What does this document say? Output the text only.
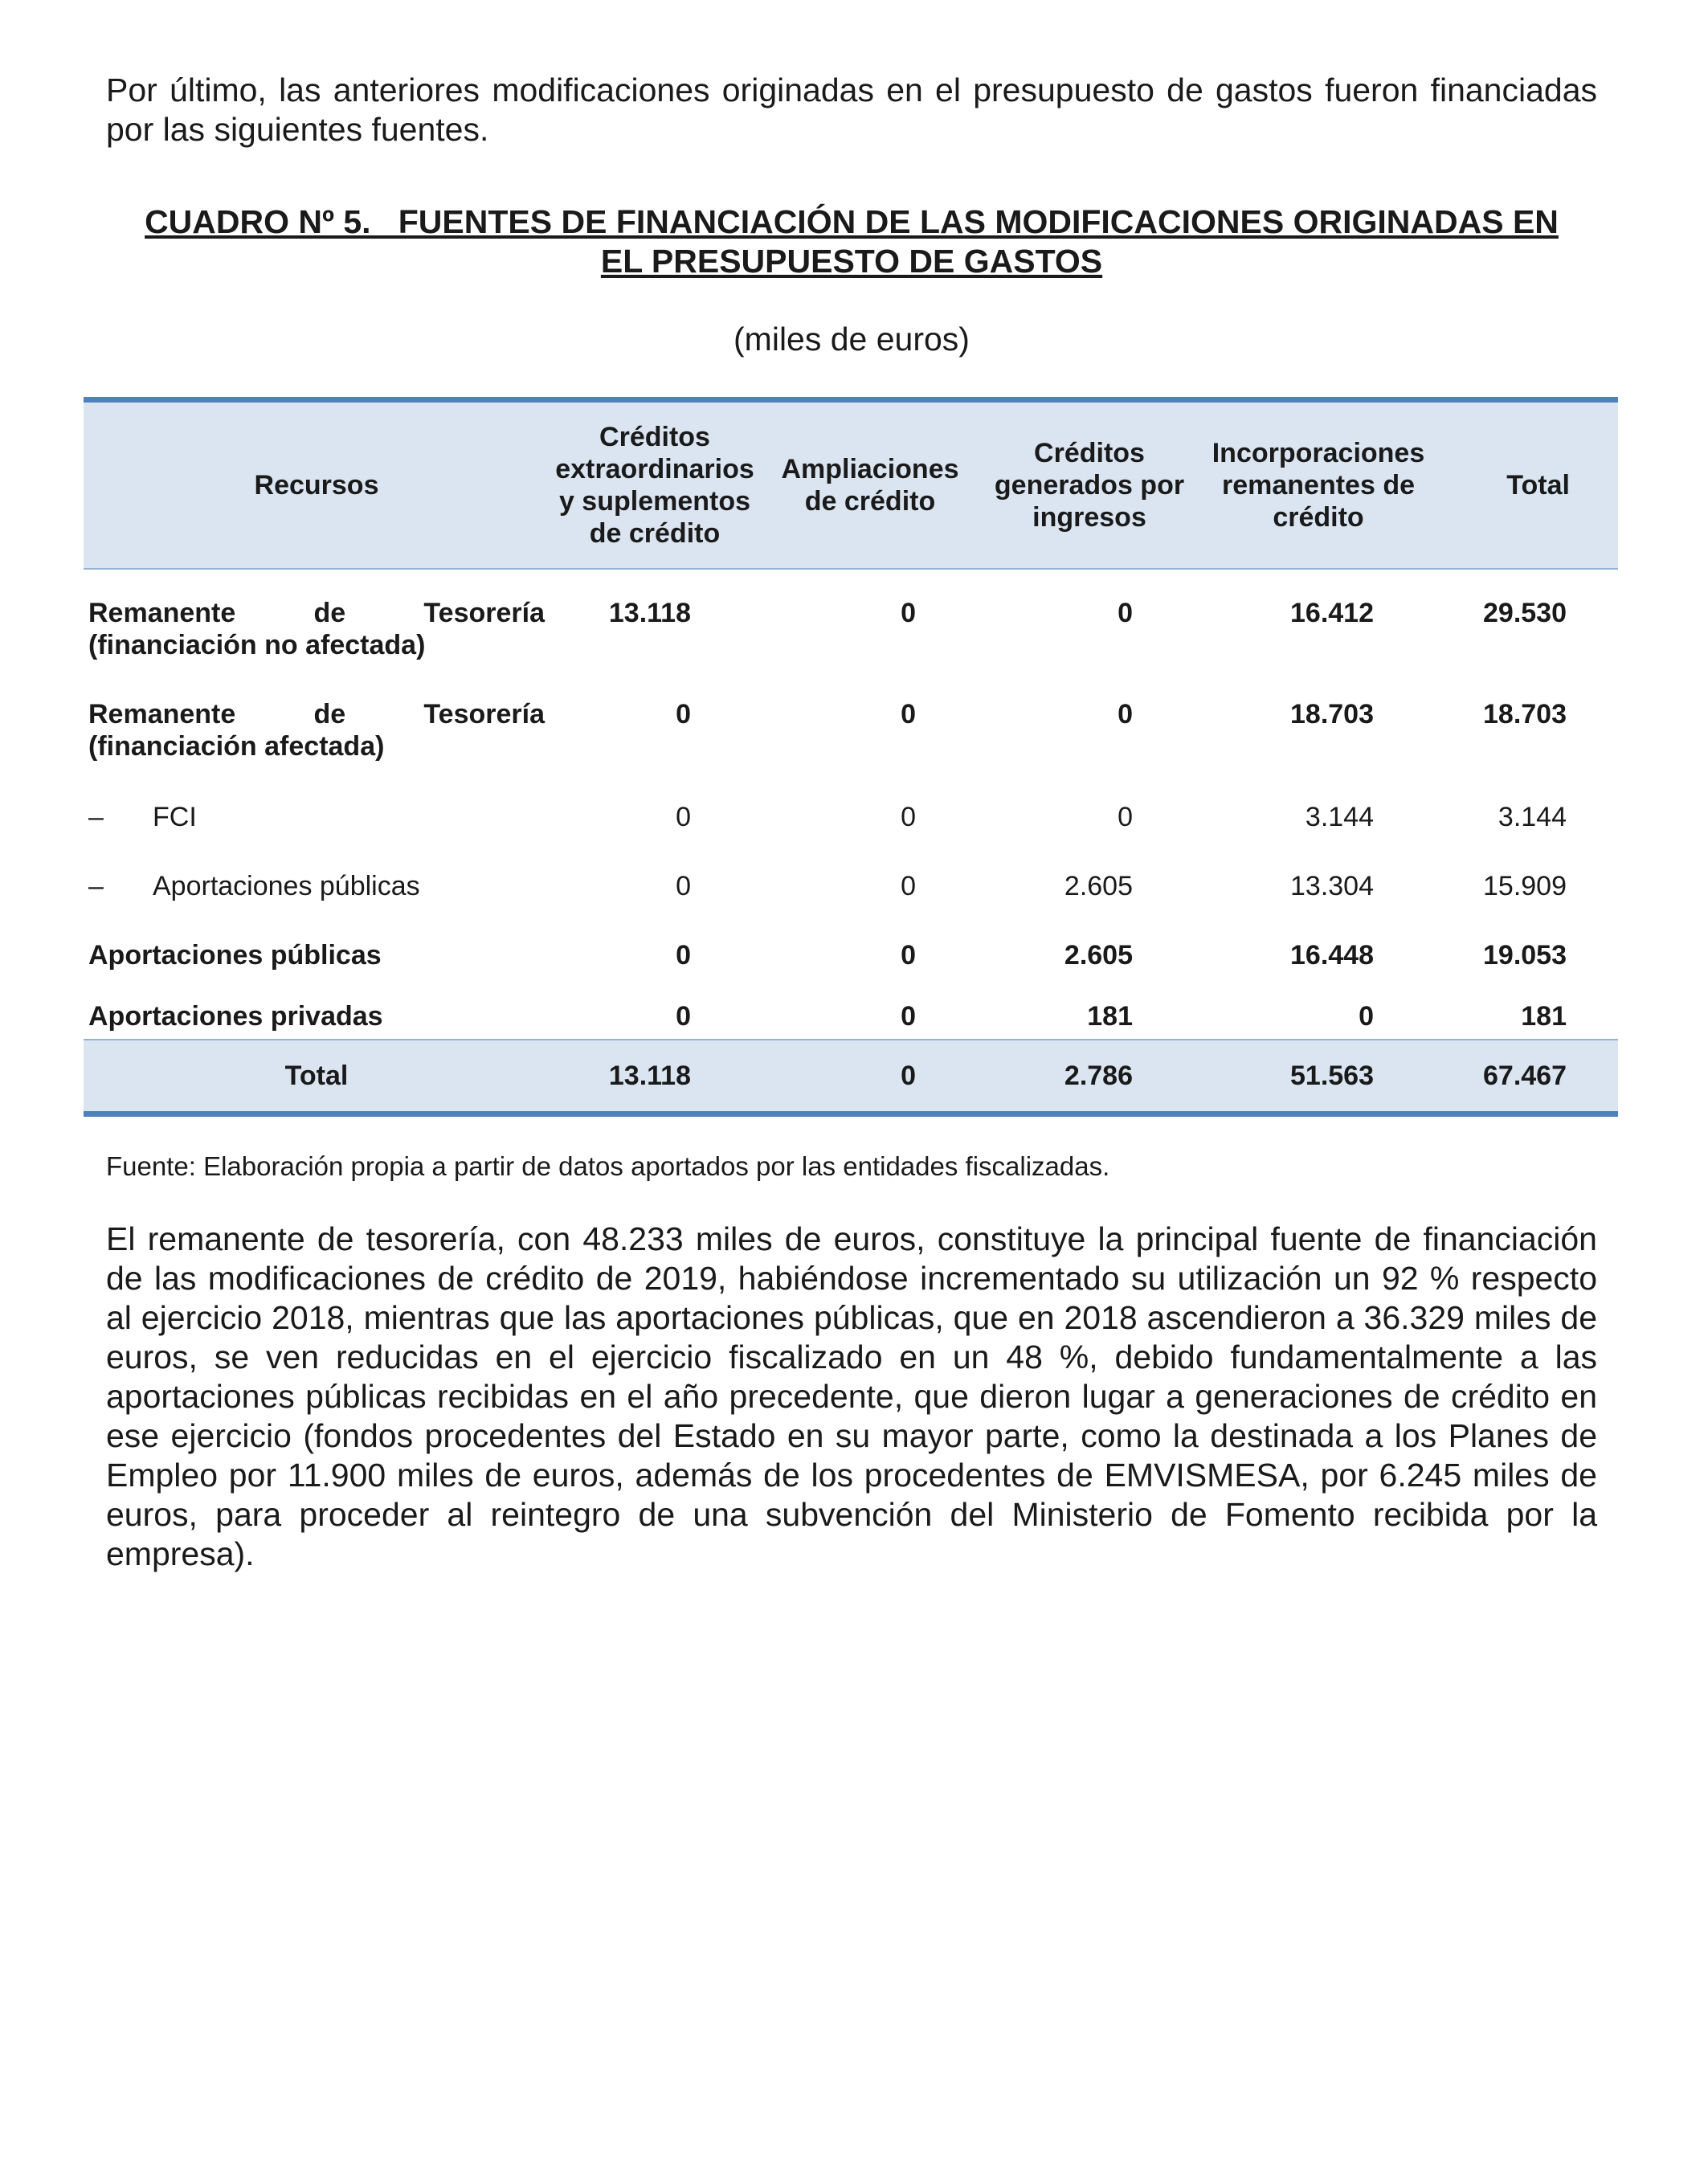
Por último, las anteriores modificaciones originadas en el presupuesto de gastos fueron financiadas por las siguientes fuentes.

CUADRO Nº 5.   FUENTES DE FINANCIACIÓN DE LAS MODIFICACIONES ORIGINADAS EN
EL PRESUPUESTO DE GASTOS

(miles de euros)

Recursos	Créditos extraordinarios y suplementos de crédito	Ampliaciones de crédito	Créditos generados por ingresos	Incorporaciones remanentes de crédito	Total

Remanente de Tesorería
(financiación no afectada)	13.118	0	0	16.412	29.530

Remanente de Tesorería
(financiación afectada)	0	0	0	18.703	18.703
– FCI	0	0	0	3.144	3.144
– Aportaciones públicas	0	0	2.605	13.304	15.909
Aportaciones públicas	0	0	2.605	16.448	19.053
Aportaciones privadas	0	0	181	0	181
Total	13.118	0	2.786	51.563	67.467

Fuente: Elaboración propia a partir de datos aportados por las entidades fiscalizadas.

El remanente de tesorería, con 48.233 miles de euros, constituye la principal fuente de financiación de las modificaciones de crédito de 2019, habiéndose incrementado su utilización un 92 % respecto al ejercicio 2018, mientras que las aportaciones públicas, que en 2018 ascendieron a 36.329 miles de euros, se ven reducidas en el ejercicio fiscalizado en un 48 %, debido fundamentalmente a las aportaciones públicas recibidas en el año precedente, que dieron lugar a generaciones de crédito en ese ejercicio (fondos procedentes del Estado en su mayor parte, como la destinada a los Planes de Empleo por 11.900 miles de euros, además de los procedentes de EMVISMESA, por 6.245 miles de euros, para proceder al reintegro de una subvención del Ministerio de Fomento recibida por la empresa).
